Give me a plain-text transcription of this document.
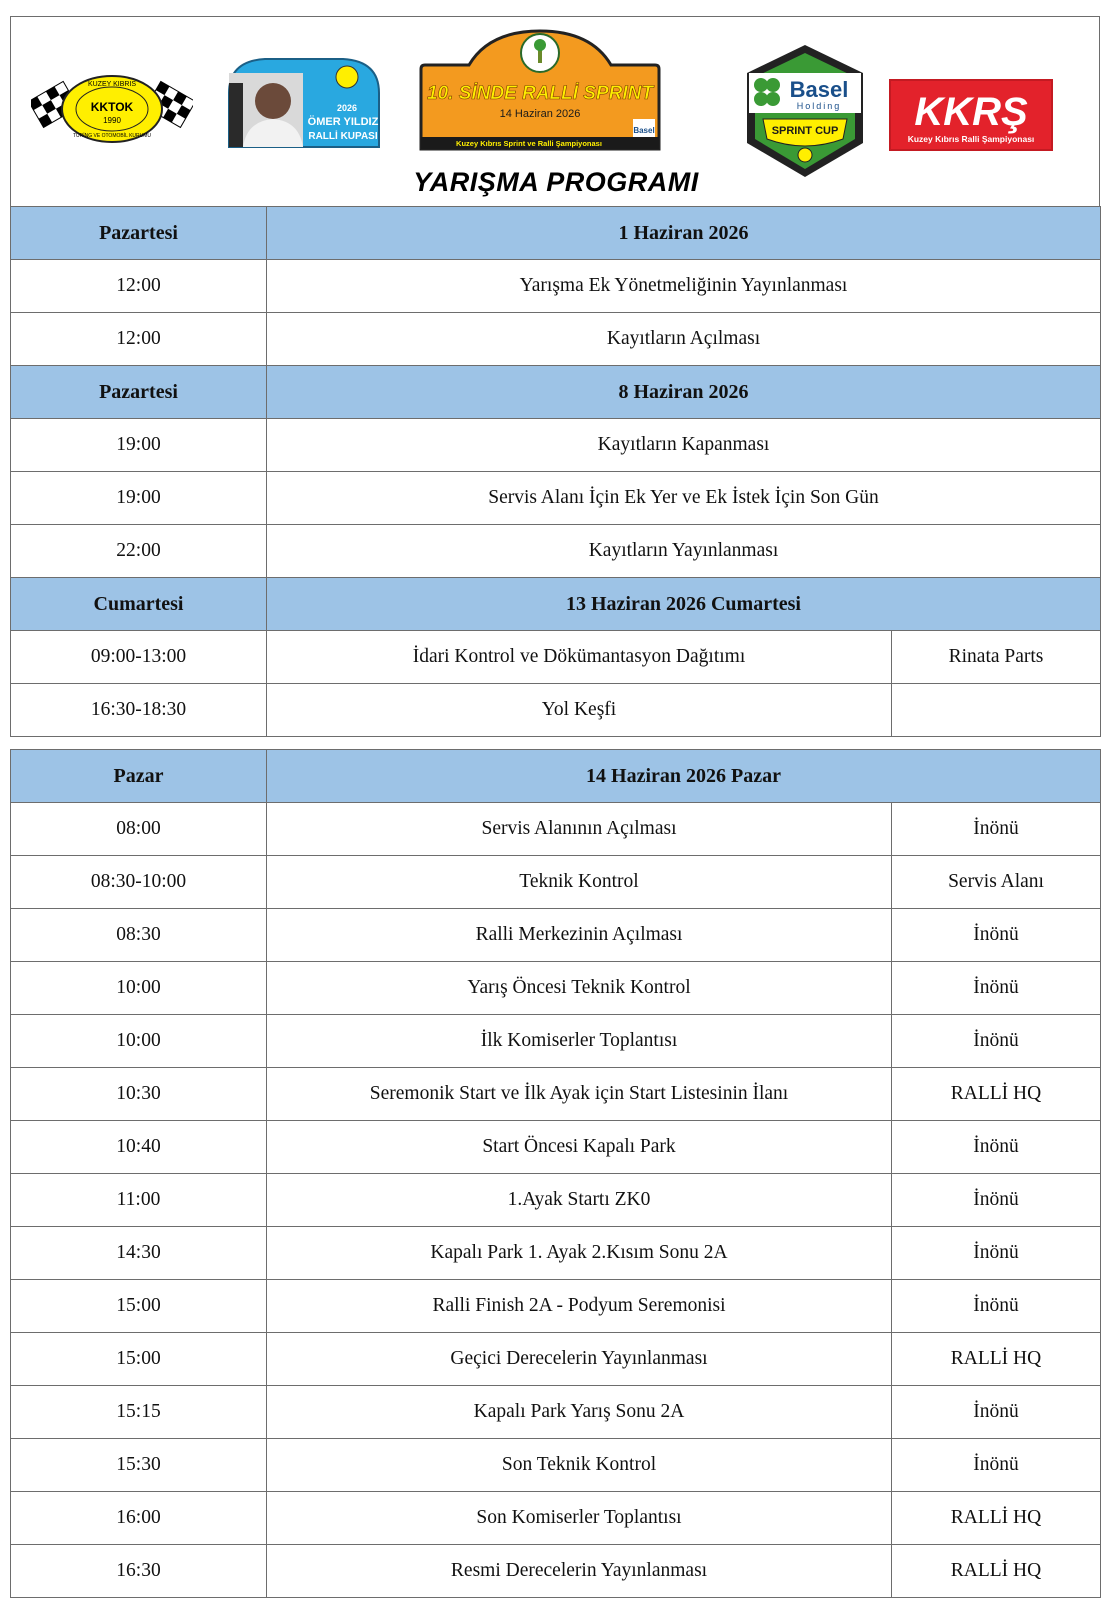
KUZEY KIBRIS
KKTOK
1990
TURİNG VE OTOMOBİL KURUMU
2026
ÖMER YILDIZ
RALLİ KUPASI
10. SİNDE RALLİ SPRINT
14 Haziran 2026
Basel
Kuzey Kıbrıs Sprint ve Ralli Şampiyonası
Basel
Holding
SPRINT CUP KKRŞ
Kuzey Kıbrıs Ralli Şampiyonası
YARIŞMA PROGRAMI
Pazartesi	1 Haziran 2026	
12:00	Yarışma Ek Yönetmeliğinin Yayınlanması	
12:00	Kayıtların Açılması	
Pazartesi	8 Haziran 2026	
19:00	Kayıtların Kapanması	
19:00	Servis Alanı İçin Ek Yer ve Ek İstek İçin Son Gün	
22:00	Kayıtların Yayınlanması	
Cumartesi	13 Haziran 2026 Cumartesi	
09:00-13:00	İdari Kontrol ve Dökümantasyon Dağıtımı	Rinata Parts
16:30-18:30	Yol Keşfi	
Pazar	14 Haziran 2026 Pazar	
08:00	Servis Alanının Açılması	İnönü
08:30-10:00	Teknik Kontrol	Servis Alanı
08:30	Ralli Merkezinin Açılması	İnönü
10:00	Yarış Öncesi Teknik Kontrol	İnönü
10:00	İlk Komiserler Toplantısı	İnönü
10:30	Seremonik Start ve İlk Ayak için Start Listesinin İlanı	RALLİ HQ
10:40	Start Öncesi Kapalı Park	İnönü
11:00	1.Ayak Startı ZK0	İnönü
14:30	Kapalı Park 1. Ayak 2.Kısım Sonu 2A	İnönü
15:00	Ralli Finish 2A - Podyum Seremonisi	İnönü
15:00	Geçici Derecelerin Yayınlanması	RALLİ HQ
15:15	Kapalı Park Yarış Sonu 2A	İnönü
15:30	Son Teknik Kontrol	İnönü
16:00	Son Komiserler Toplantısı	RALLİ HQ
16:30	Resmi Derecelerin Yayınlanması	RALLİ HQ
